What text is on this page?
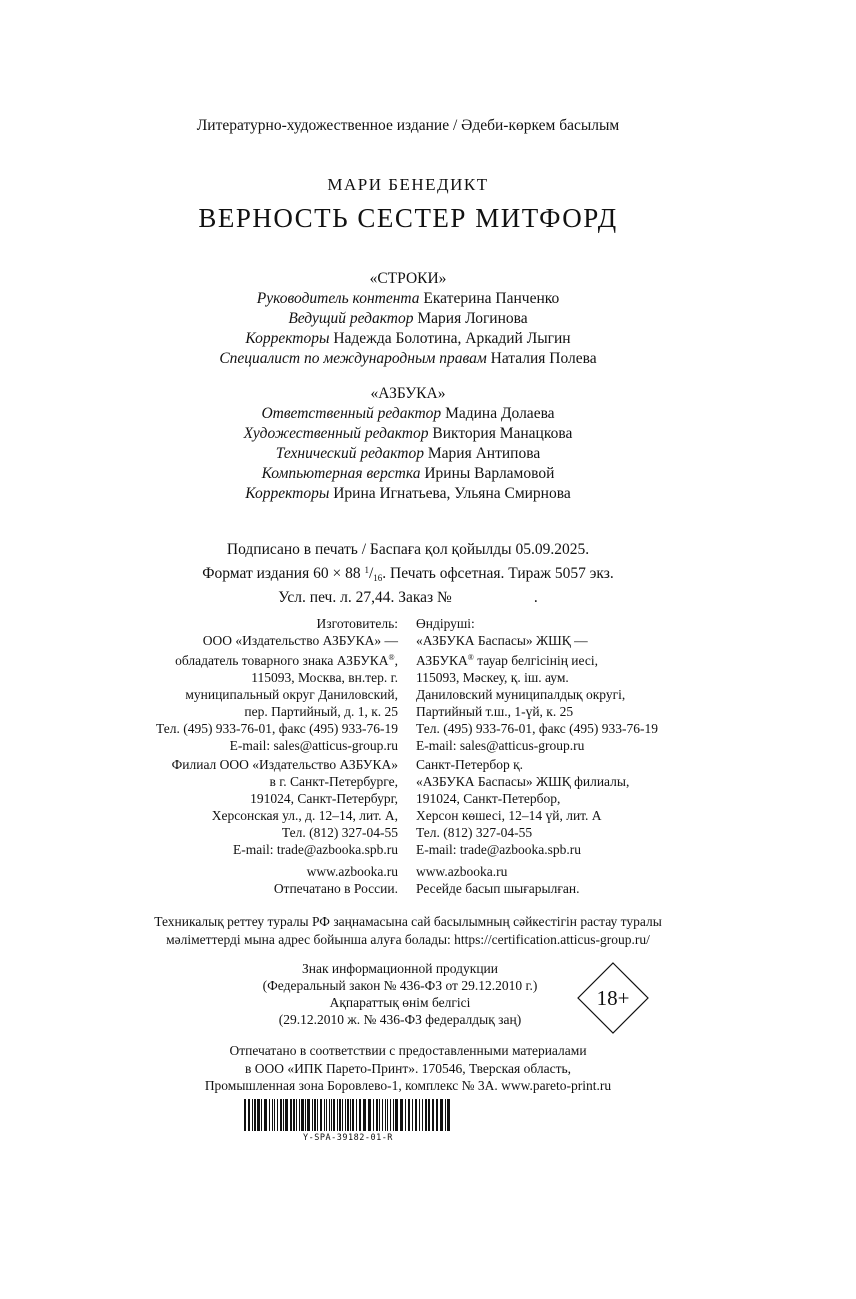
Литературно-художественное издание / Әдеби-көркем басылым
МАРИ БЕНЕДИКТ
ВЕРНОСТЬ СЕСТЕР МИТФОРД
«СТРОКИ»
Руководитель контента Екатерина Панченко
Ведущий редактор Мария Логинова
Корректоры Надежда Болотина, Аркадий Лыгин
Специалист по международным правам Наталия Полева
«АЗБУКА»
Ответственный редактор Мадина Долаева
Художественный редактор Виктория Манацкова
Технический редактор Мария Антипова
Компьютерная верстка Ирины Варламовой
Корректоры Ирина Игнатьева, Ульяна Смирнова
Подписано в печать / Баспаға қол қойылды 05.09.2025.
Формат издания 60 × 88 $^1/_{16}$. Печать офсетная. Тираж 5057 экз.
Усл. печ. л. 27,44. Заказ №	.
Изготовитель:
ООО «Издательство АЗБУКА» —
обладатель товарного знака АЗБУКА®,
115093, Москва, вн.тер. г.
муниципальный округ Даниловский,
пер. Партийный, д. 1, к. 25
Тел. (495) 933-76-01, факс (495) 933-76-19
E-mail: sales@atticus-group.ru
Өндіруші:
«АЗБУКА Баспасы» ЖШҚ —
АЗБУКА® тауар белгісінің иесі,
115093, Мәскеу, қ. іш. аум.
Даниловский муниципалдық округі,
Партийный т.ш., 1-үй, к. 25
Тел. (495) 933-76-01, факс (495) 933-76-19
E-mail: sales@atticus-group.ru
Филиал ООО «Издательство АЗБУКА»
в г. Санкт-Петербурге,
191024, Санкт-Петербург,
Херсонская ул., д. 12–14, лит. А,
Тел. (812) 327-04-55
E-mail: trade@azbooka.spb.ru
Санкт-Петербор қ.
«АЗБУКА Баспасы» ЖШҚ филиалы,
191024, Санкт-Петербор,
Херсон көшесі, 12–14 үй, лит. А
Тел. (812) 327-04-55
E-mail: trade@azbooka.spb.ru
www.azbooka.ru
Отпечатано в России.
www.azbooka.ru
Ресейде басып шығарылған.
Техникалық реттеу туралы РФ заңнамасына сай басылымның сәйкестігін растау туралы
мәліметтерді мына адрес бойынша алуға болады: https://certification.atticus-group.ru/
Знак информационной продукции
(Федеральный закон № 436-ФЗ от 29.12.2010 г.)
Ақпараттық өнім белгісі
(29.12.2010 ж. № 436-ФЗ федералдық заң)
18+
Отпечатано в соответствии с предоставленными материалами
в ООО «ИПК Парето-Принт». 170546, Тверская область,
Промышленная зона Боровлево-1, комплекс № 3А. www.pareto-print.ru
Y-SPA-39182-01-R
